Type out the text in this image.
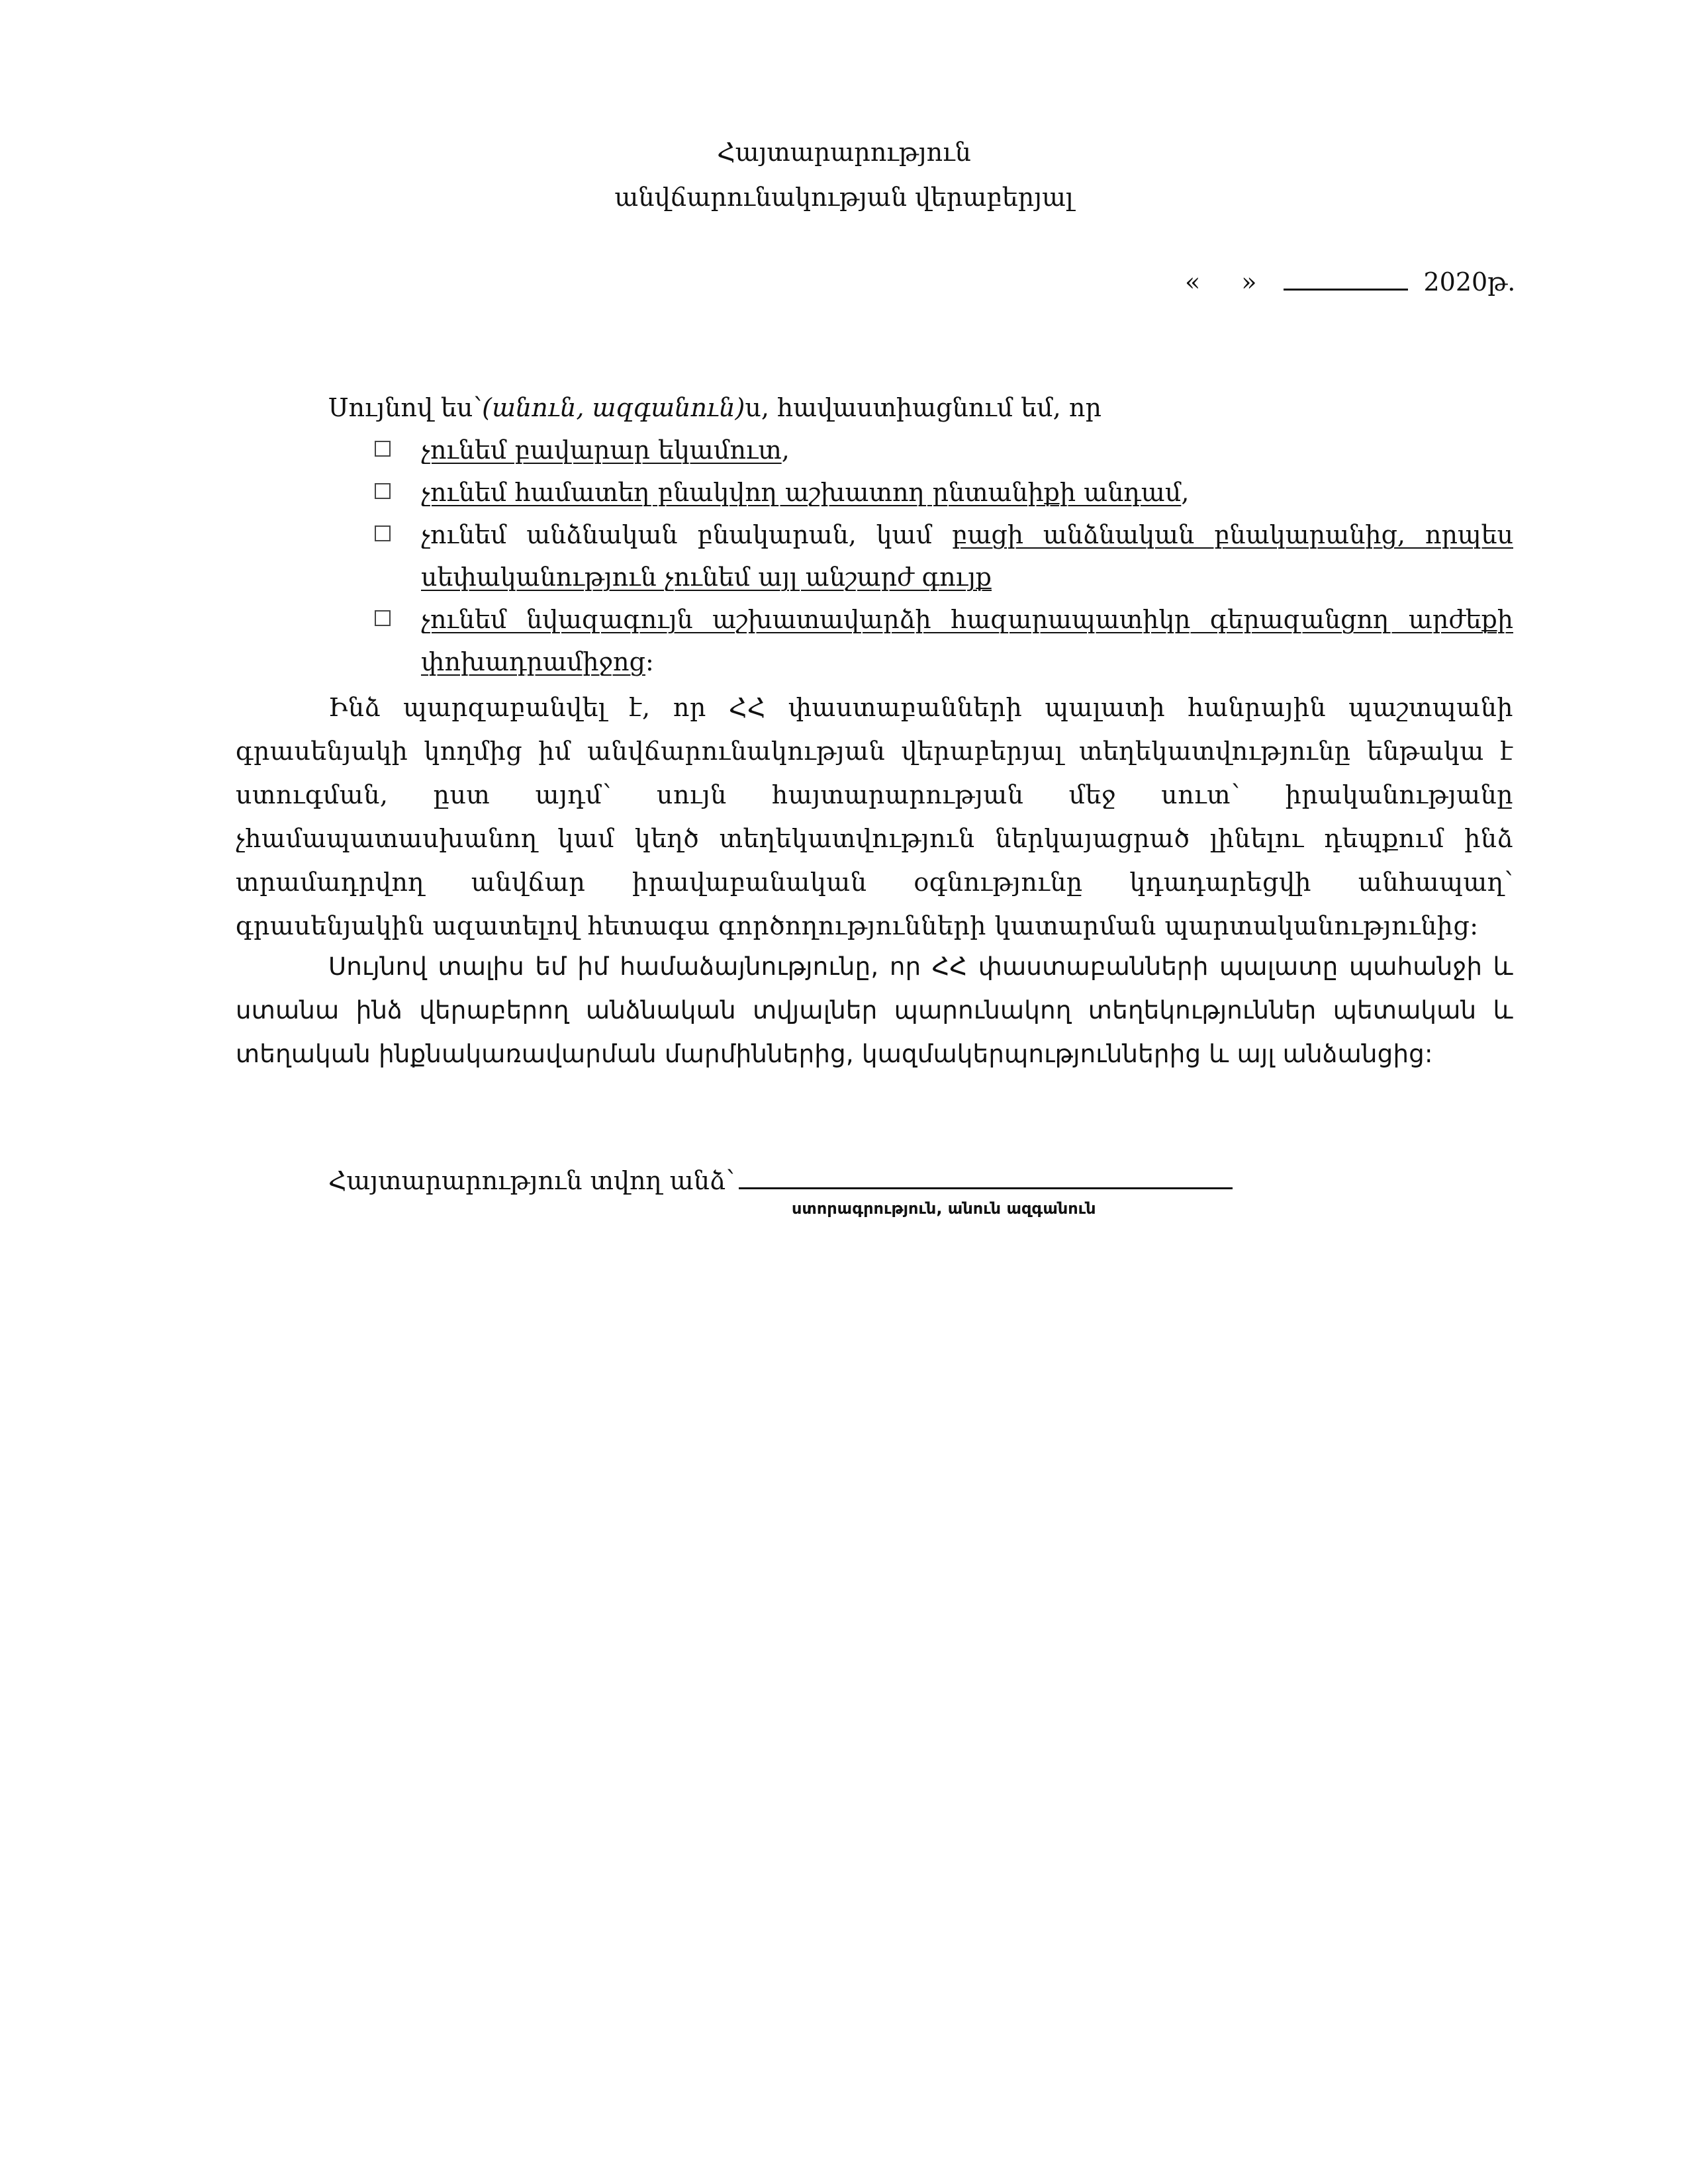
Հայտարարություն
անվճարունակության վերաբերյալ
« »	2020թ.
Սույնով ես՝(անուն, ազգանուն)ս, հավաստիացնում եմ, որ
չունեմ բավարար եկամուտ,
չունեմ համատեղ բնակվող աշխատող ընտանիքի անդամ,
չունեմ անձնական բնակարան, կամ բացի անձնական բնակարանից, որպես սեփականություն չունեմ այլ անշարժ գույք
չունեմ նվազագույն աշխատավարձի հազարապատիկը գերազանցող արժեքի փոխադրամիջոց:

Ինձ պարզաբանվել է, որ ՀՀ փաստաբանների պալատի հանրային պաշտպանի գրասենյակի կողմից իմ անվճարունակության վերաբերյալ տեղեկատվությունը ենթակա է ստուգման, ըստ այդմ՝ սույն հայտարարության մեջ սուտ՝ իրականությանը չհամապատասխանող կամ կեղծ տեղեկատվություն ներկայացրած լինելու դեպքում ինձ տրամադրվող անվճար իրավաբանական օգնությունը կդադարեցվի անհապաղ՝ գրասենյակին ազատելով հետագա գործողությունների կատարման պարտականությունից:

Սույնով տալիս եմ իմ համաձայնությունը, որ ՀՀ փաստաբանների պալատը պահանջի և ստանա ինձ վերաբերող անձնական տվյալներ պարունակող տեղեկություններ պետական և տեղական ինքնակառավարման մարմիններից, կազմակերպություններից և այլ անձանցից:

Հայտարարություն տվող անձ՝
ստորագրություն, անուն ազգանուն
